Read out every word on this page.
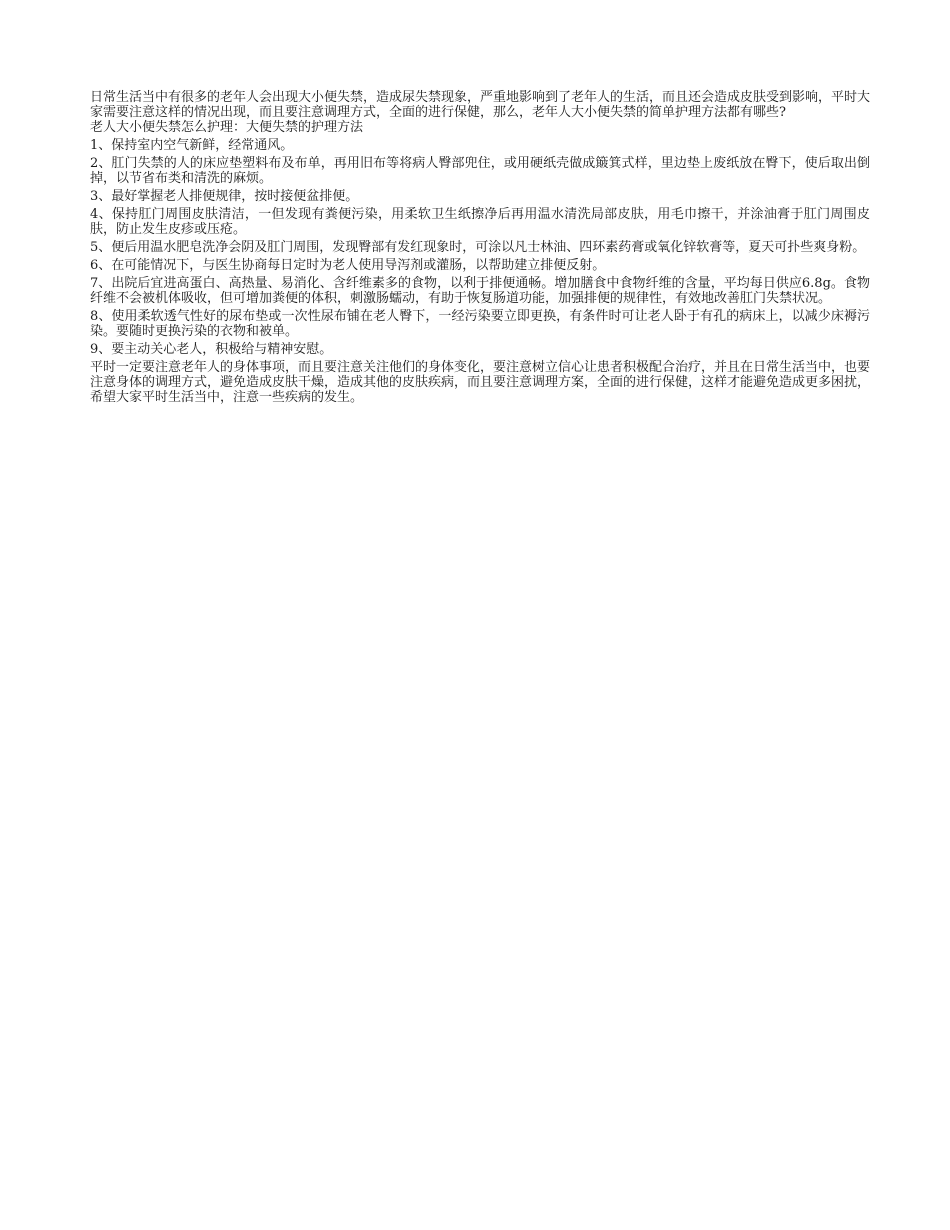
日常生活当中有很多的老年人会出现大小便失禁，造成尿失禁现象，严重地影响到了老年人的生活，而且还会造成皮肤受到影响，平时大家需要注意这样的情况出现，而且要注意调理方式，全面的进行保健，那么，老年人大小便失禁的简单护理方法都有哪些?

老人大小便失禁怎么护理：大便失禁的护理方法

1、保持室内空气新鲜，经常通风。

2、肛门失禁的人的床应垫塑料布及布单，再用旧布等将病人臀部兜住，或用硬纸壳做成簸箕式样，里边垫上废纸放在臀下，使后取出倒掉，以节省布类和清洗的麻烦。

3、最好掌握老人排便规律，按时接便盆排便。

4、保持肛门周围皮肤清洁，一但发现有粪便污染，用柔软卫生纸擦净后再用温水清洗局部皮肤，用毛巾擦干，并涂油膏于肛门周围皮肤，防止发生皮疹或压疮。

5、便后用温水肥皂洗净会阴及肛门周围，发现臀部有发红现象时，可涂以凡士林油、四环素药膏或氧化锌软膏等，夏天可扑些爽身粉。

6、在可能情况下，与医生协商每日定时为老人使用导泻剂或灌肠，以帮助建立排便反射。

7、出院后宜进高蛋白、高热量、易消化、含纤维素多的食物，以利于排便通畅。增加膳食中食物纤维的含量，平均每日供应6.8g。食物纤维不会被机体吸收，但可增加粪便的体积，刺激肠蠕动，有助于恢复肠道功能，加强排便的规律性，有效地改善肛门失禁状况。

8、使用柔软透气性好的尿布垫或一次性尿布铺在老人臀下，一经污染要立即更换，有条件时可让老人卧于有孔的病床上，以减少床褥污染。要随时更换污染的衣物和被单。

9、要主动关心老人，积极给与精神安慰。

平时一定要注意老年人的身体事项，而且要注意关注他们的身体变化，要注意树立信心让患者积极配合治疗，并且在日常生活当中，也要注意身体的调理方式，避免造成皮肤干燥，造成其他的皮肤疾病，而且要注意调理方案，全面的进行保健，这样才能避免造成更多困扰，希望大家平时生活当中，注意一些疾病的发生。
